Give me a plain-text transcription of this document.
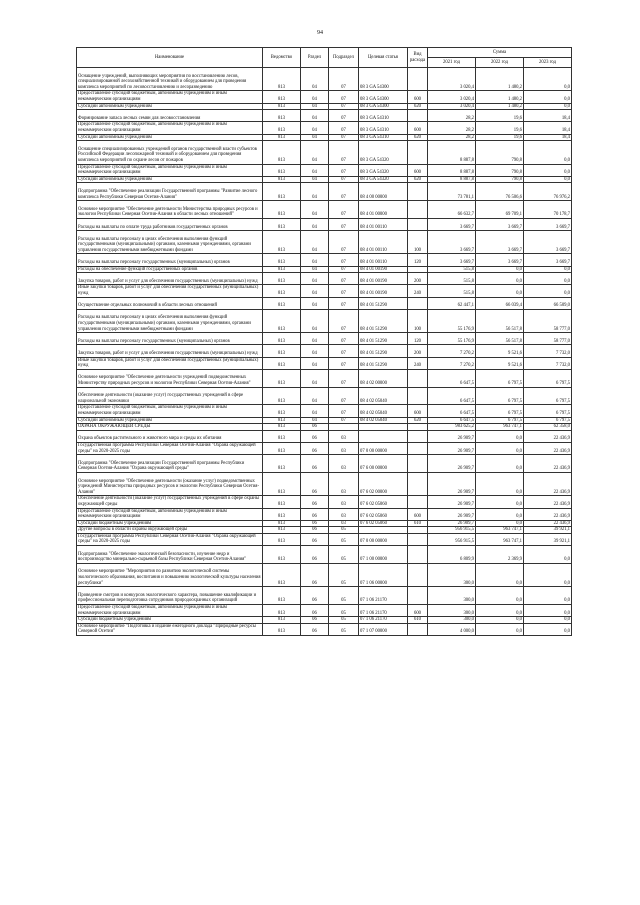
94
Наименование	Ведомство	Раздел	Подраздел	Целевая статья	Вид расхода	Сумма		
						2021 год	2022 год	2023 год
Оснащение учреждений, выполняющих мероприятия по восстановлению лесов, специализированной лесохозяйственной техникой и оборудованием для проведения комплекса мероприятий по лесовосстановлению и лесоразведению	813	04	07	08 3 GA 54300		3 020,4	1 480,2	0,0
Предоставление субсидий бюджетным, автономным учреждениям и иным некоммерческим организациям	813	04	07	08 3 GA 54300	600	3 020,4	1 480,2	0,0
Субсидии автономным учреждениям	813	04	07	08 3 GA 54300	620	3 020,4	1 480,2	0,0
Формирование запаса лесных семян для лесовосстановления	813	04	07	08 3 GA 54310		28,2	19,6	18,4
Предоставление субсидий бюджетным, автономным учреждениям и иным некоммерческим организациям	813	04	07	08 3 GA 54310	600	28,2	19,6	18,4
Субсидии автономным учреждениям	813	04	07	08 3 GA 54310	620	28,2	19,6	18,4
Оснащение специализированных учреждений органов государственной власти субъектов Российской Федерации лесопожарной техникой и оборудованием для проведения комплекса мероприятий по охране лесов от пожаров	813	04	07	08 3 GA 54320		8 887,8	790,8	0,0
Предоставление субсидий бюджетным, автономным учреждениям и иным некоммерческим организациям	813	04	07	08 3 GA 54320	600	8 887,8	790,8	0,0
Субсидии автономным учреждениям	813	04	07	08 3 GA 54320	620	8 887,8	790,8	0,0
Подпрограмма "Обеспечение реализации Государственной программы "Развитие лесного комплекса Республики Северная Осетия-Алания"	813	04	07	08 4 00 00000		73 781,1	76 506,6	76 976,2
Основное мероприятие "Обеспечение деятельности Министерства природных ресурсов и экологии Республики Северная Осетия-Алания в области лесных отношений"	813	04	07	08 4 01 00000		66 632,7	69 709,1	70 178,7
Расходы на выплаты по оплате труда работников государственных органов	813	04	07	08 4 01 00110		3 669,7	3 669,7	3 669,7
Расходы на выплаты персоналу в целях обеспечения выполнения функций государственными (муниципальными) органами, казенными учреждениями, органами управления государственными внебюджетными фондами	813	04	07	08 4 01 00110	100	3 669,7	3 669,7	3 669,7
Расходы на выплаты персоналу государственных (муниципальных) органов	813	04	07	08 4 01 00110	120	3 669,7	3 669,7	3 669,7
Расходы на обеспечение функций государственных органов	813	04	07	08 4 01 00190		515,8	0,0	0,0
Закупка товаров, работ и услуг для обеспечения государственных (муниципальных) нужд	813	04	07	08 4 01 00190	200	515,8	0,0	0,0
Иные закупки товаров, работ и услуг для обеспечения государственных (муниципальных) нужд	813	04	07	08 4 01 00190	240	515,8	0,0	0,0
Осуществление отдельных полномочий в области лесных отношений	813	04	07	08 4 01 51290		62 447,1	66 039,4	66 509,0
Расходы на выплаты персоналу в целях обеспечения выполнения функций государственными (муниципальными) органами, казенными учреждениями, органами управления государственными внебюджетными фондами	813	04	07	08 4 01 51290	100	55 176,9	56 517,8	58 777,0
Расходы на выплаты персоналу государственных (муниципальных) органов	813	04	07	08 4 01 51290	120	55 176,9	56 517,8	58 777,0
Закупка товаров, работ и услуг для обеспечения государственных (муниципальных) нужд	813	04	07	08 4 01 51290	200	7 270,2	9 521,6	7 732,0
Иные закупки товаров, работ и услуг для обеспечения государственных (муниципальных) нужд	813	04	07	08 4 01 51290	240	7 270,2	9 521,6	7 732,0
Основное мероприятие "Обеспечение деятельности учреждений подведомственных Министерству природных ресурсов и экологии Республики Северная Осетия-Алания"	813	04	07	08 4 02 00000		6 647,5	6 797,5	6 797,5
Обеспечение деятельности (оказание услуг) государственных учреждений в сфере национальной экономики	813	04	07	08 4 02 05040		6 647,5	6 797,5	6 797,5
Предоставление субсидий бюджетным, автономным учреждениям и иным некоммерческим организациям	813	04	07	08 4 02 05040	600	6 647,5	6 797,5	6 797,5
Субсидии автономным учреждениям	813	04	07	08 4 02 05040	620	6 647,5	6 797,5	6 797,5
ОХРАНА ОКРУЖАЮЩЕЙ СРЕДЫ	813	06				983 625,2	963 747,1	62 358,0
Охрана объектов растительного и животного мира и среды их обитания	813	06	03			26 909,7	0,0	22 436,9
Государственная программа Республики Северная Осетия-Алания "Охрана окружающей среды" на 2020-2025 годы	813	06	03	07 0 00 00000		26 909,7	0,0	22 436,9
Подпрограмма "Обеспечение реализации Государственной программы Республики Северная Осетия-Алания "Охрана окружающей среды"	813	06	03	07 6 00 00000		26 909,7	0,0	22 436,9
Основное мероприятие "Обеспечение деятельности (оказание услуг) подведомственных учреждений Министерства природных ресурсов и экологии Республики Северная Осетия-Алания"	813	06	03	07 6 02 00000		26 909,7	0,0	22 436,9
Обеспечение деятельности (оказание услуг) государственных учреждений в сфере охраны окружающей среды	813	06	03	07 6 02 05060		26 909,7	0,0	22 436,9
Предоставление субсидий бюджетным, автономным учреждениям и иным некоммерческим организациям	813	06	03	07 6 02 05060	600	26 909,7	0,0	22 436,9
Субсидии бюджетным учреждениям	813	06	03	07 6 02 05060	610	26 909,7	0,0	22 436,9
Другие вопросы в области охраны окружающей среды	813	06	05			956 915,5	963 747,1	39 921,1
Государственная программа Республики Северная Осетия-Алания "Охрана окружающей среды" на 2020-2025 годы	813	06	05	07 0 00 00000		956 915,5	963 747,1	39 921,1
Подпрограмма "Обеспечение экологической безопасности, изучение недр и воспроизводство минерально-сырьевой базы Республики Северная Осетия-Алания"	813	06	05	07 1 00 00000		6 809,9	2 369,9	0,0
Основное мероприятие "Мероприятия по развитию экологической системы экологического образования, воспитания и повышению экологической культуры населения республики"	813	06	05	07 1 06 00000		300,0	0,0	0,0
Проведение смотров и конкурсов экологического характера, повышение квалификации и профессиональная переподготовка сотрудников природоохранных организаций	813	06	05	07 1 06 21170		300,0	0,0	0,0
Предоставление субсидий бюджетным, автономным учреждениям и иным некоммерческим организациям	813	06	05	07 1 06 21170	600	300,0	0,0	0,0
Субсидии бюджетным учреждениям	813	06	05	07 1 06 21170	610	300,0	0,0	0,0
Основное мероприятие "Подготовка и издание ежегодного доклада "Природные ресурсы Северной Осетии"	813	06	05	07 1 07 00000		4 000,0	0,0	0,0
